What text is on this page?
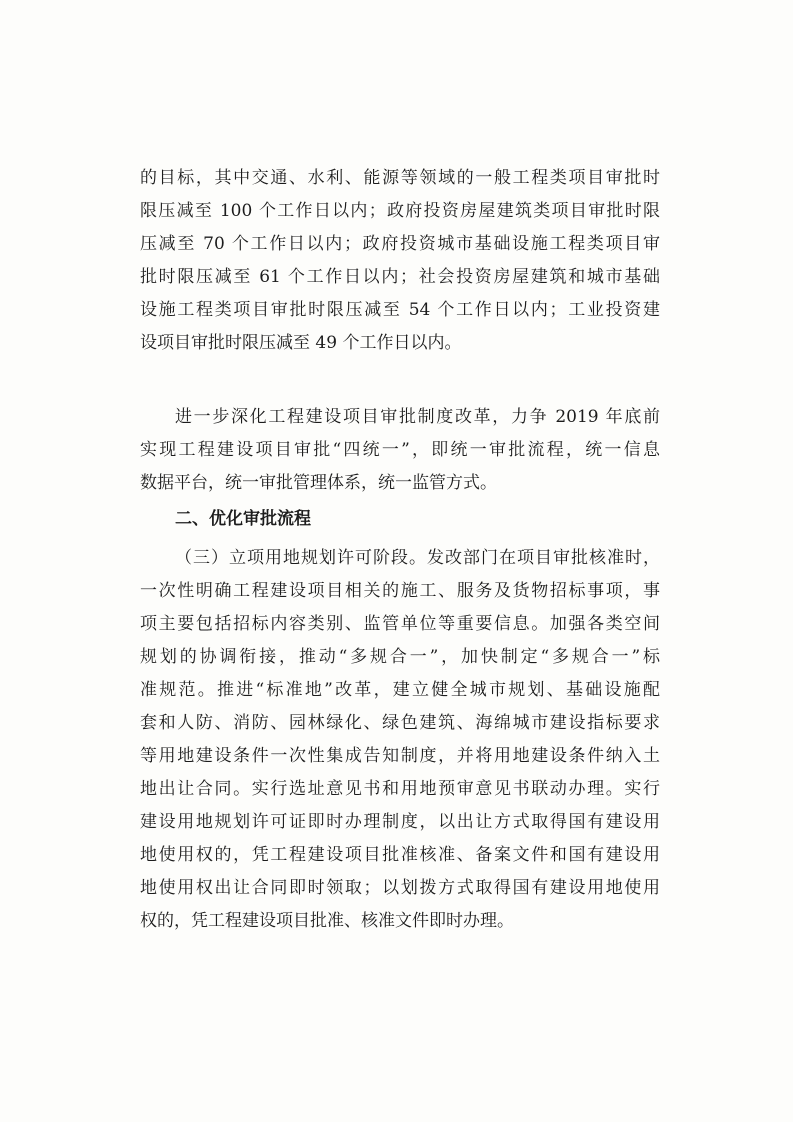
的目标，其中交通、水利、能源等领域的一般工程类项目审批时
限压减至 100 个工作日以内；政府投资房屋建筑类项目审批时限
压减至 70 个工作日以内；政府投资城市基础设施工程类项目审
批时限压减至 61 个工作日以内；社会投资房屋建筑和城市基础
设施工程类项目审批时限压减至 54 个工作日以内；工业投资建
设项目审批时限压减至 49 个工作日以内。
进一步深化工程建设项目审批制度改革，力争 2019 年底前
实现工程建设项目审批“四统一”，即统一审批流程，统一信息
数据平台，统一审批管理体系，统一监管方式。
二、优化审批流程
（三）立项用地规划许可阶段。发改部门在项目审批核准时，
一次性明确工程建设项目相关的施工、服务及货物招标事项，事
项主要包括招标内容类别、监管单位等重要信息。加强各类空间
规划的协调衔接，推动“多规合一”，加快制定“多规合一”标
准规范。推进“标准地”改革，建立健全城市规划、基础设施配
套和人防、消防、园林绿化、绿色建筑、海绵城市建设指标要求
等用地建设条件一次性集成告知制度，并将用地建设条件纳入土
地出让合同。实行选址意见书和用地预审意见书联动办理。实行
建设用地规划许可证即时办理制度，以出让方式取得国有建设用
地使用权的，凭工程建设项目批准核准、备案文件和国有建设用
地使用权出让合同即时领取；以划拨方式取得国有建设用地使用
权的，凭工程建设项目批准、核准文件即时办理。
